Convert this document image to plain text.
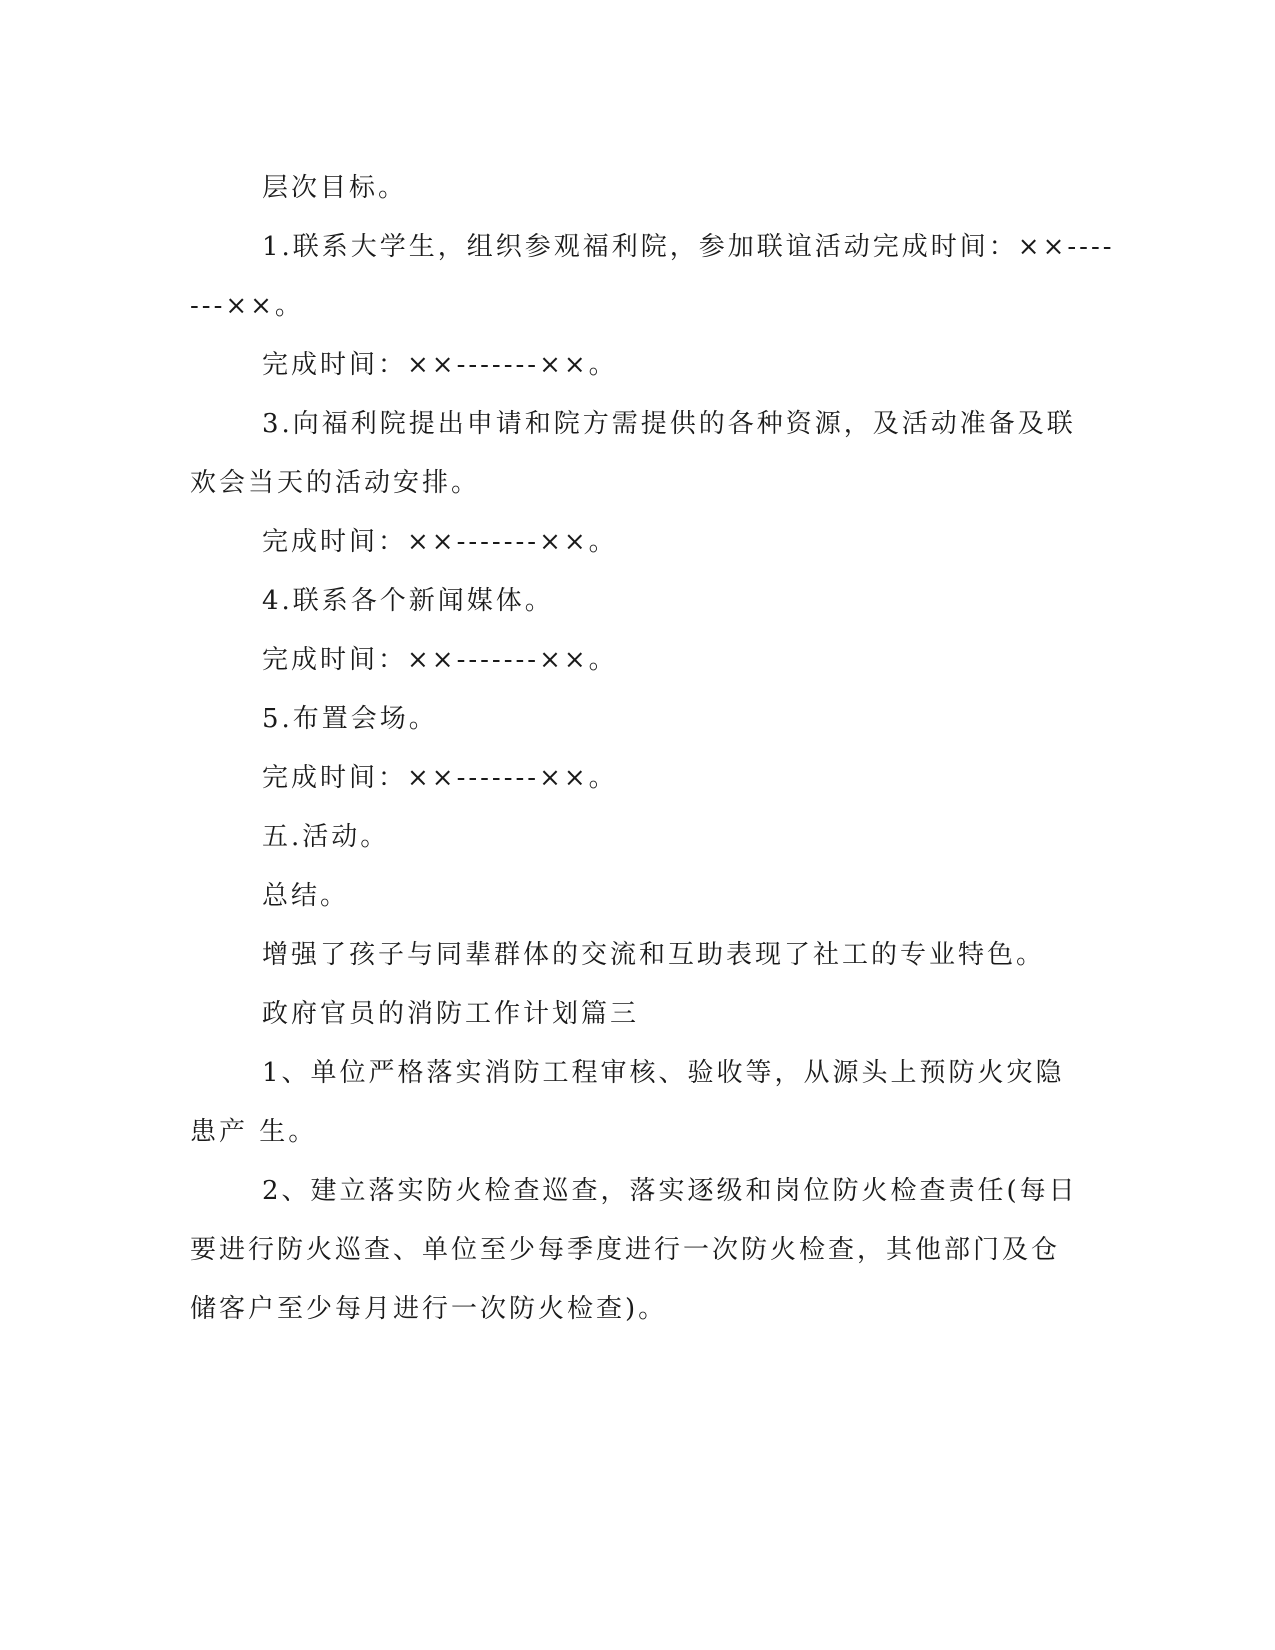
层次目标。
1.联系大学生，组织参观福利院，参加联谊活动完成时间：××----
---××。
完成时间：××-------××。
3.向福利院提出申请和院方需提供的各种资源，及活动准备及联
欢会当天的活动安排。
完成时间：××-------××。
4.联系各个新闻媒体。
完成时间：××-------××。
5.布置会场。
完成时间：××-------××。
五.活动。
总结。
增强了孩子与同辈群体的交流和互助表现了社工的专业特色。
政府官员的消防工作计划篇三
1、单位严格落实消防工程审核、验收等，从源头上预防火灾隐
患产 生。
2、建立落实防火检查巡查，落实逐级和岗位防火检查责任(每日
要进行防火巡查、单位至少每季度进行一次防火检查，其他部门及仓
储客户至少每月进行一次防火检查)。
